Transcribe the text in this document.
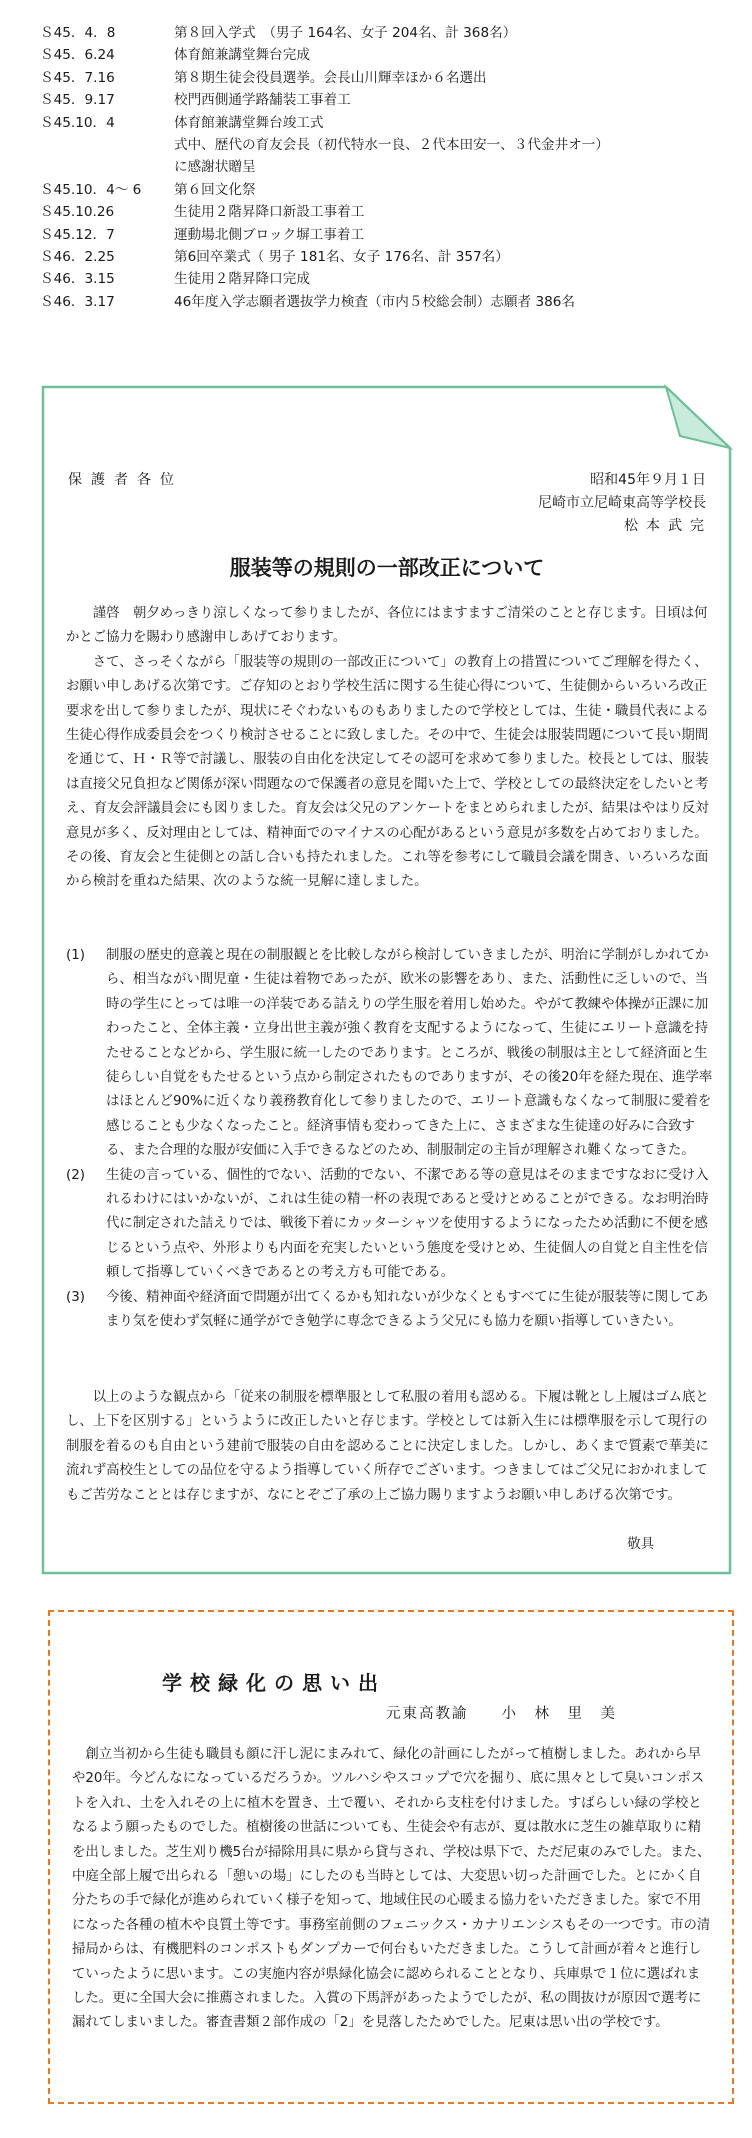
Ｓ45．4．8	第８回入学式　（男子 164名、女子 204名、計 368名）
Ｓ45．6.24	体育館兼講堂舞台完成
Ｓ45．7.16	第８期生徒会役員選挙。会長山川輝幸ほか６名選出
Ｓ45．9.17	校門西側通学路舗装工事着工
Ｓ45.10．4	体育館兼講堂舞台竣工式
式中、歴代の育友会長（初代特水一良、２代本田安一、３代金井オ一）
に感謝状贈呈
Ｓ45.10．4～ 6	第６回文化祭
Ｓ45.10.26	生徒用２階昇降口新設工事着工
Ｓ45.12．7	運動場北側ブロック塀工事着工
Ｓ46．2.25	第6回卒業式（ 男子 181名、女子 176名、計 357名）
Ｓ46．3.15	生徒用２階昇降口完成
Ｓ46．3.17	46年度入学志願者選抜学力検査（市内５校総会制）志願者 386名
保護者各位	昭和45年９月１日
尼崎市立尼崎東高等学校長
松本武完
服装等の規則の一部改正について

謹啓　朝夕めっきり涼しくなって参りましたが、各位にはますますご清栄のことと存じます。日頃は何かとご協力を賜わり感謝申しあげております。

さて、さっそくながら「服装等の規則の一部改正について」の教育上の措置についてご理解を得たく、お願い申しあげる次第です。ご存知のとおり学校生活に関する生徒心得について、生徒側からいろいろ改正要求を出して参りましたが、現状にそぐわないものもありましたので学校としては、生徒・職員代表による生徒心得作成委員会をつくり検討させることに致しました。その中で、生徒会は服装問題について長い期間を通じて、Ｈ・Ｒ等で討議し、服装の自由化を決定してその認可を求めて参りました。校長としては、服装は直接父兄負担など関係が深い問題なので保護者の意見を聞いた上で、学校としての最終決定をしたいと考え、育友会評議員会にも図りました。育友会は父兄のアンケートをまとめられましたが、結果はやはり反対意見が多く、反対理由としては、精神面でのマイナスの心配があるという意見が多数を占めておりました。その後、育友会と生徒側との話し合いも持たれました。これ等を参考にして職員会議を開き、いろいろな面から検討を重ねた結果、次のような統一見解に達しました。

(1)	制服の歴史的意義と現在の制服観とを比較しながら検討していきましたが、明治に学制がしかれてから、相当ながい間児童・生徒は着物であったが、欧米の影響をあり、また、活動性に乏しいので、当時の学生にとっては唯一の洋装である詰えりの学生服を着用し始めた。やがて教練や体操が正課に加わったこと、全体主義・立身出世主義が強く教育を支配するようになって、生徒にエリート意識を持たせることなどから、学生服に統一したのであります。ところが、戦後の制服は主として経済面と生徒らしい自覚をもたせるという点から制定されたものでありますが、その後20年を経た現在、進学率はほとんど90%に近くなり義務教育化して参りましたので、エリート意識もなくなって制服に愛着を感じることも少なくなったこと。経済事情も変わってきた上に、さまざまな生徒達の好みに合致する、また合理的な服が安価に入手できるなどのため、制服制定の主旨が理解され難くなってきた。
(2)	生徒の言っている、個性的でない、活動的でない、不潔である等の意見はそのままですなおに受け入れるわけにはいかないが、これは生徒の精一杯の表現であると受けとめることができる。なお明治時代に制定された詰えりでは、戦後下着にカッターシャツを使用するようになったため活動に不便を感じるという点や、外形よりも内面を充実したいという態度を受けとめ、生徒個人の自覚と自主性を信頼して指導していくべきであるとの考え方も可能である。
(3)	今後、精神面や経済面で問題が出てくるかも知れないが少なくともすべてに生徒が服装等に関してあまり気を使わず気軽に通学ができ勉学に専念できるよう父兄にも協力を願い指導していきたい。
以上のような観点から「従来の制服を標準服として私服の着用も認める。下履は靴とし上履はゴム底とし、上下を区別する」というように改正したいと存じます。学校としては新入生には標準服を示して現行の制服を着るのも自由という建前で服装の自由を認めることに決定しました。しかし、あくまで質素で華美に流れず高校生としての品位を守るよう指導していく所存でございます。つきましてはご父兄におかれましてもご苦労なこととは存じますが、なにとぞご了承の上ご協力賜りますようお願い申しあげる次第です。
敬具
学校緑化の思い出
元東高教諭　　小　林　里　美
創立当初から生徒も職員も顔に汗し泥にまみれて、緑化の計画にしたがって植樹しました。あれから早や20年。今どんなになっているだろうか。ツルハシやスコップで穴を掘り、底に黒々として臭いコンポストを入れ、土を入れその上に植木を置き、土で覆い、それから支柱を付けました。すばらしい緑の学校となるよう願ったものでした。植樹後の世話についても、生徒会や有志が、夏は散水に芝生の雑草取りに精を出しました。芝生刈り機5台が掃除用具に県から貸与され、学校は県下で、ただ尼東のみでした。また、中庭全部上履で出られる「憩いの場」にしたのも当時としては、大変思い切った計画でした。とにかく自分たちの手で緑化が進められていく様子を知って、地域住民の心暖まる協力をいただきました。家で不用になった各種の植木や良質土等です。事務室前側のフェニックス・カナリエンシスもその一つです。市の清掃局からは、有機肥料のコンポストもダンプカーで何台もいただきました。こうして計画が着々と進行していったように思います。この実施内容が県緑化協会に認められることとなり、兵庫県で１位に選ばれました。更に全国大会に推薦されました。入賞の下馬評があったようでしたが、私の間抜けが原因で選考に漏れてしまいました。審査書類２部作成の「2」を見落したためでした。尼東は思い出の学校です。
